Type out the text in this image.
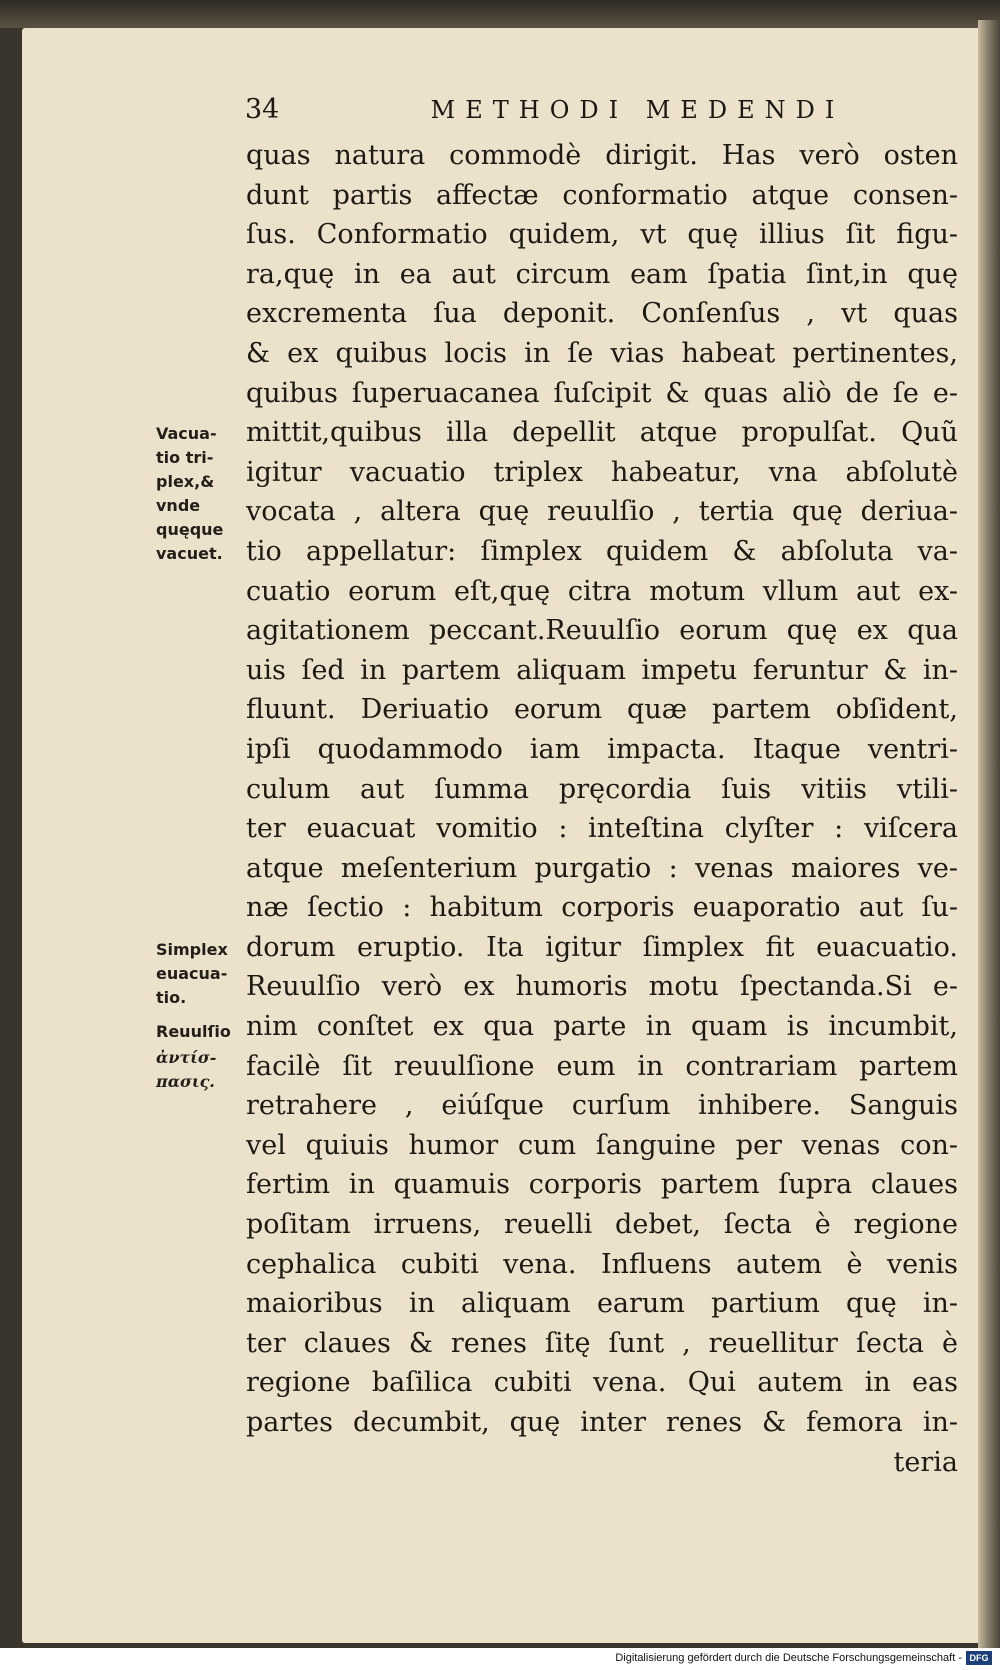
34	METHODI MEDENDI
quas natura commodè dirigit. Has verò osten
dunt partis affectæ conformatio atque consen-
ſus. Conformatio quidem, vt quę illius ſit figu-
ra,quę in ea aut circum eam ſpatia ſint,in quę
excrementa ſua deponit. Conſenſus , vt quas
& ex quibus locis in ſe vias habeat pertinentes,
quibus ſuperuacanea ſuſcipit & quas aliò de ſe e-
mittit,quibus illa depellit atque propulſat. Quũ
igitur vacuatio triplex habeatur, vna abſolutè
vocata , altera quę reuulſio , tertia quę deriua-
tio appellatur: ſimplex quidem & abſoluta va-
cuatio eorum eſt,quę citra motum vllum aut ex-
agitationem peccant.Reuulſio eorum quę ex qua
uis ſed in partem aliquam impetu feruntur & in-
fluunt. Deriuatio eorum quæ partem obſident,
ipſi quodammodo iam impacta. Itaque ventri-
culum aut ſumma pręcordia ſuis vitiis vtili-
ter euacuat vomitio : inteſtina clyſter : viſcera
atque meſenterium purgatio : venas maiores ve-
næ ſectio : habitum corporis euaporatio aut ſu-
dorum eruptio. Ita igitur ſimplex fit euacuatio.
Reuulſio verò ex humoris motu ſpectanda.Si e-
nim conſtet ex qua parte in quam is incumbit,
facilè ſit reuulſione eum in contrariam partem
retrahere , eiúſque curſum inhibere. Sanguis
vel quiuis humor cum ſanguine per venas con-
fertim in quamuis corporis partem ſupra claues
poſitam irruens, reuelli debet, ſecta è regione
cephalica cubiti vena. Influens autem è venis
maioribus in aliquam earum partium quę in-
ter claues & renes ſitę ſunt , reuellitur ſecta è
regione baſilica cubiti vena. Qui autem in eas
partes decumbit, quę inter renes & femora in-
teria
Vacua-
tio tri-
plex,&
vnde
quęque
vacuet.
Simplex
euacua-
tio.
Reuulſio
ἀντίσ-
πασις.
Digitalisierung gefördert durch die Deutsche Forschungsgemeinschaft - DFG
